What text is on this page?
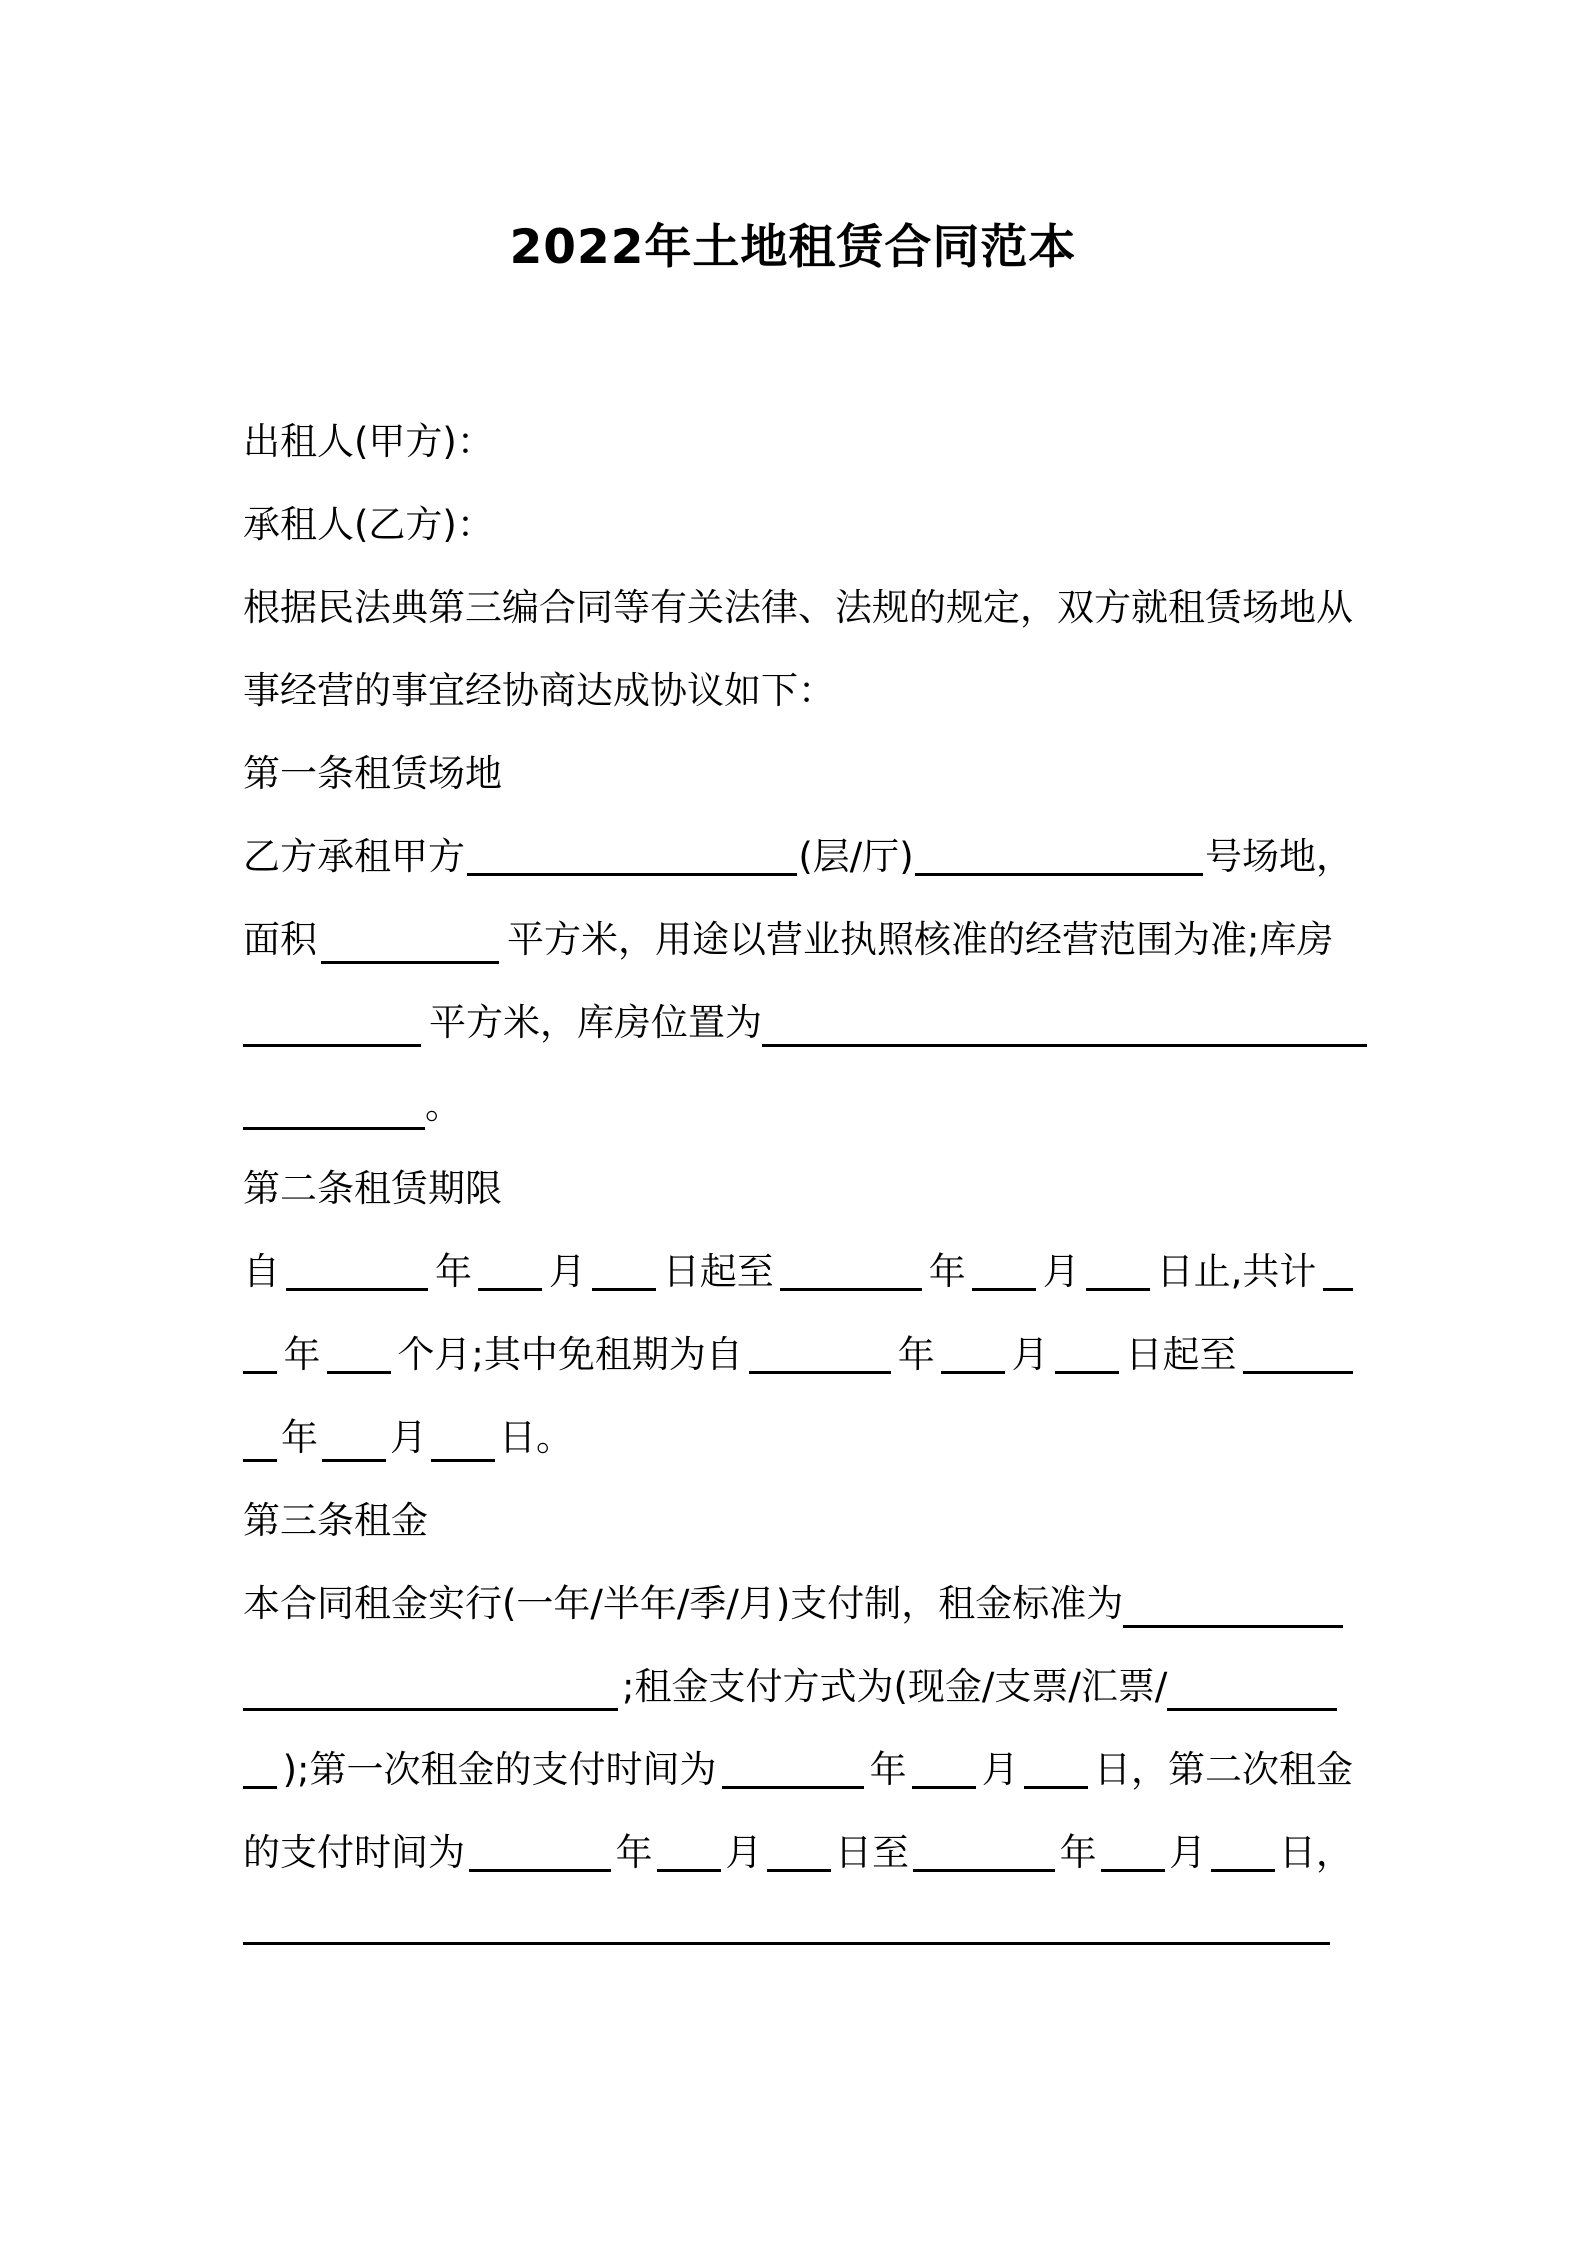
2022年土地租赁合同范本
出租人(甲方)：
承租人(乙方)：
根据民法典第三编合同等有关法律、法规的规定，双方就租赁场地从
事经营的事宜经协商达成协议如下：
第一条租赁场地
乙方承租甲方	(层/厅)	号场地，
面积	平方米，用途以营业执照核准的经营范围为准;库房
平方米，库房位置为
。
第二条租赁期限
自	年 月 日起至	年 月 日止,共计
年 个月;其中免租期为自	年 月 日起至
年 月 日。
第三条租金
本合同租金实行(一年/半年/季/月)支付制，租金标准为
;租金支付方式为(现金/支票/汇票/
);第一次租金的支付时间为	年 月 日，第二次租金
的支付时间为	年 月 日至	年 月 日，
